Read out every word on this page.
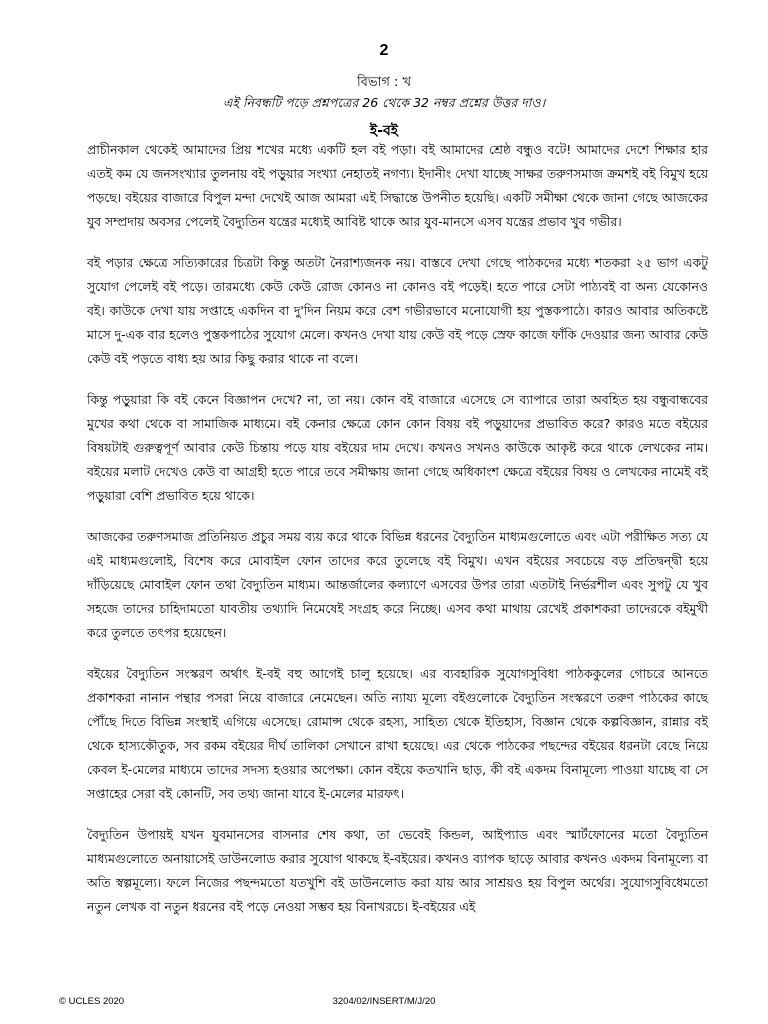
2
বিভাগ : খ
এই নিবন্ধটি পড়ে প্রশ্নপত্রের 26 থেকে 32 নম্বর প্রশ্নের উত্তর দাও।
ই-বই

প্রাচীনকাল থেকেই আমাদের প্রিয় শখের মধ্যে একটি হল বই পড়া। বই আমাদের শ্রেষ্ঠ বন্ধুও বটে! আমাদের দেশে শিক্ষার হার এতই কম যে জনসংখ্যার তুলনায় বই পড়ুয়ার সংখ্যা নেহাতই নগণ্য। ইদানীং দেখা যাচ্ছে সাক্ষর তরুণসমাজ ক্রমশই বই বিমুখ হয়ে পড়ছে। বইয়ের বাজারে বিপুল মন্দা দেখেই আজ আমরা এই সিদ্ধান্তে উপনীত হয়েছি। একটি সমীক্ষা থেকে জানা গেছে আজকের যুব সম্প্রদায় অবসর পেলেই বৈদ্যুতিন যন্ত্রের মধ্যেই আবিষ্ট থাকে আর যুব-মানসে এসব যন্ত্রের প্রভাব খুব গভীর।

বই পড়ার ক্ষেত্রে সত্যিকারের চিত্রটা কিন্তু অতটা নৈরাশ্যজনক নয়। বাস্তবে দেখা গেছে পাঠকদের মধ্যে শতকরা ২৫ ভাগ একটু সুযোগ পেলেই বই পড়ে। তারমধ্যে কেউ কেউ রোজ কোনও না কোনও বই পড়েই। হতে পারে সেটা পাঠ্যবই বা অন্য যেকোনও বই। কাউকে দেখা যায় সপ্তাহে একদিন বা দু'দিন নিয়ম করে বেশ গভীরভাবে মনোযোগী হয় পুস্তকপাঠে। কারও আবার অতিকষ্টে মাসে দু-এক বার হলেও পুস্তকপাঠের সুযোগ মেলে। কখনও দেখা যায় কেউ বই পড়ে স্রেফ কাজে ফাঁকি দেওয়ার জন্য আবার কেউ কেউ বই পড়তে বাধ্য হয় আর কিছু করার থাকে না বলে।

কিন্তু পড়ুয়ারা কি বই কেনে বিজ্ঞাপন দেখে? না, তা নয়। কোন বই বাজারে এসেছে সে ব্যাপারে তারা অবহিত হয় বন্ধুবান্ধবের মুখের কথা থেকে বা সামাজিক মাধ্যমে। বই কেনার ক্ষেত্রে কোন কোন বিষয় বই পড়ুয়াদের প্রভাবিত করে? কারও মতে বইয়ের বিষয়টাই গুরুত্বপূর্ণ আবার কেউ চিন্তায় পড়ে যায় বইয়ের দাম দেখে। কখনও সখনও কাউকে আকৃষ্ট করে থাকে লেখকের নাম। বইয়ের মলাট দেখেও কেউ বা আগ্রহী হতে পারে তবে সমীক্ষায় জানা গেছে অধিকাংশ ক্ষেত্রে বইয়ের বিষয় ও লেখকের নামেই বই পড়ুয়ারা বেশি প্রভাবিত হয়ে থাকে।

আজকের তরুণসমাজ প্রতিনিয়ত প্রচুর সময় ব্যয় করে থাকে বিভিন্ন ধরনের বৈদ্যুতিন মাধ্যমগুলোতে এবং এটা পরীক্ষিত সত্য যে এই মাধ্যমগুলোই, বিশেষ করে মোবাইল ফোন তাদের করে তুলেছে বই বিমুখ। এখন বইয়ের সবচেয়ে বড় প্রতিদ্বন্দ্বী হয়ে দাঁড়িয়েছে মোবাইল ফোন তথা বৈদ্যুতিন মাধ্যম। আন্তর্জালের কল্যাণে এসবের উপর তারা এতটাই নির্ভরশীল এবং সুপটু যে খুব সহজে তাদের চাহিদামতো যাবতীয় তথ্যাদি নিমেষেই সংগ্রহ করে নিচ্ছে। এসব কথা মাথায় রেখেই প্রকাশকরা তাদেরকে বইমুখী করে তুলতে তৎপর হয়েছেন।

বইয়ের বৈদ্যুতিন সংস্করণ অর্থাৎ ই-বই বহু আগেই চালু হয়েছে। এর ব্যবহারিক সুযোগসুবিধা পাঠককুলের গোচরে আনতে প্রকাশকরা নানান পন্থার পসরা নিয়ে বাজারে নেমেছেন। অতি ন্যায্য মূল্যে বইগুলোকে বৈদ্যুতিন সংস্করণে তরুণ পাঠকের কাছে পৌঁছে দিতে বিভিন্ন সংস্থাই এগিয়ে এসেছে। রোমান্স থেকে রহস্য, সাহিত্য থেকে ইতিহাস, বিজ্ঞান থেকে কল্পবিজ্ঞান, রান্নার বই থেকে হাস্যকৌতুক, সব রকম বইয়ের দীর্ঘ তালিকা সেখানে রাখা হয়েছে। এর থেকে পাঠকের পছন্দের বইয়ের ধরনটা বেছে নিয়ে কেবল ই-মেলের মাধ্যমে তাদের সদস্য হওয়ার অপেক্ষা। কোন বইয়ে কতখানি ছাড়, কী বই একদম বিনামূল্যে পাওয়া যাচ্ছে বা সে সপ্তাহের সেরা বই কোনটি, সব তথ্য জানা যাবে ই-মেলের মারফৎ।

বৈদ্যুতিন উপায়ই যখন যুবমানসের বাসনার শেষ কথা, তা ভেবেই কিন্ডল, আইপ্যাড এবং স্মার্টফোনের মতো বৈদ্যুতিন মাধ্যমগুলোতে অনায়াসেই ডাউনলোড করার সুযোগ থাকছে ই-বইয়ের। কখনও ব্যাপক ছাড়ে আবার কখনও একদম বিনামূল্যে বা অতি স্বল্পমূল্যে। ফলে নিজের পছন্দমতো যতখুশি বই ডাউনলোড করা যায় আর সাশ্রয়ও হয় বিপুল অর্থের। সুযোগসুবিধেমতো নতুন লেখক বা নতুন ধরনের বই পড়ে নেওয়া সম্ভব হয় বিনাখরচে। ই-বইয়ের এই

© UCLES 2020	3204/02/INSERT/M/J/20
